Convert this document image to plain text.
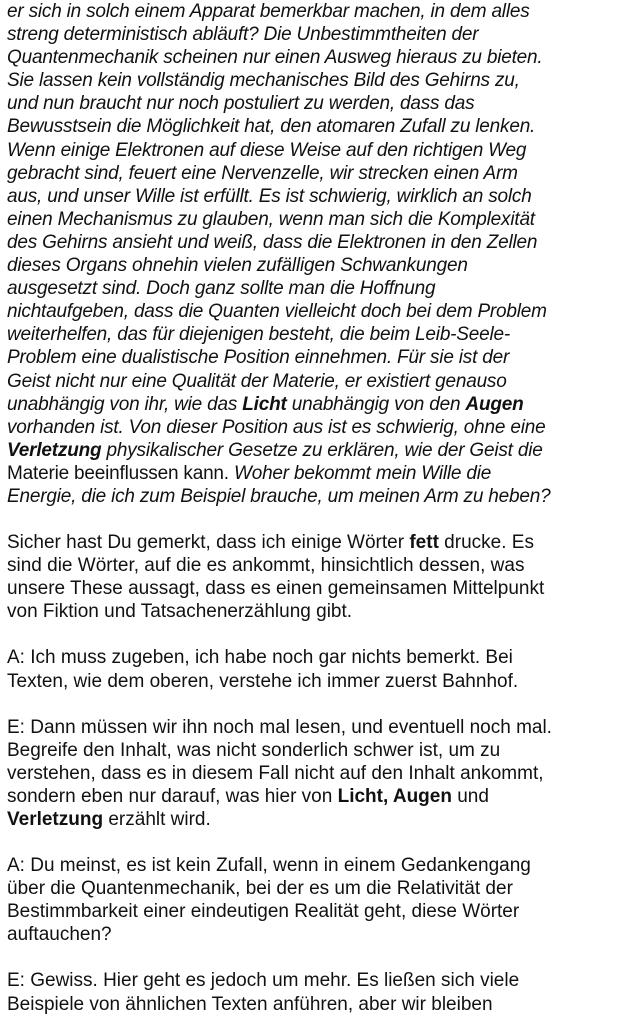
er sich in solch einem Apparat bemerkbar machen, in dem alles
streng deterministisch abläuft? Die Unbestimmtheiten der
Quantenmechanik scheinen nur einen Ausweg hieraus zu bieten.
Sie lassen kein vollständig mechanisches Bild des Gehirns zu,
und nun braucht nur noch postuliert zu werden, dass das
Bewusstsein die Möglichkeit hat, den atomaren Zufall zu lenken.
Wenn einige Elektronen auf diese Weise auf den richtigen Weg
gebracht sind, feuert eine Nervenzelle, wir strecken einen Arm
aus, und unser Wille ist erfüllt. Es ist schwierig, wirklich an solch
einen Mechanismus zu glauben, wenn man sich die Komplexität
des Gehirns ansieht und weiß, dass die Elektronen in den Zellen
dieses Organs ohnehin vielen zufälligen Schwankungen
ausgesetzt sind. Doch ganz sollte man die Hoffnung
nichtaufgeben, dass die Quanten vielleicht doch bei dem Problem
weiterhelfen, das für diejenigen besteht, die beim Leib-Seele-
Problem eine dualistische Position einnehmen. Für sie ist der
Geist nicht nur eine Qualität der Materie, er existiert genauso
unabhängig von ihr, wie das Licht unabhängig von den Augen
vorhanden ist. Von dieser Position aus ist es schwierig, ohne eine
Verletzung physikalischer Gesetze zu erklären, wie der Geist die
Materie beeinflussen kann. Woher bekommt mein Wille die
Energie, die ich zum Beispiel brauche, um meinen Arm zu heben?
Sicher hast Du gemerkt, dass ich einige Wörter fett drucke. Es
sind die Wörter, auf die es ankommt, hinsichtlich dessen, was
unsere These aussagt, dass es einen gemeinsamen Mittelpunkt
von Fiktion und Tatsachenerzählung gibt.
A: Ich muss zugeben, ich habe noch gar nichts bemerkt. Bei
Texten, wie dem oberen, verstehe ich immer zuerst Bahnhof.
E: Dann müssen wir ihn noch mal lesen, und eventuell noch mal.
Begreife den Inhalt, was nicht sonderlich schwer ist, um zu
verstehen, dass es in diesem Fall nicht auf den Inhalt ankommt,
sondern eben nur darauf, was hier von Licht, Augen und
Verletzung erzählt wird.
A: Du meinst, es ist kein Zufall, wenn in einem Gedankengang
über die Quantenmechanik, bei der es um die Relativität der
Bestimmbarkeit einer eindeutigen Realität geht, diese Wörter
auftauchen?
E: Gewiss. Hier geht es jedoch um mehr. Es ließen sich viele
Beispiele von ähnlichen Texten anführen, aber wir bleiben
